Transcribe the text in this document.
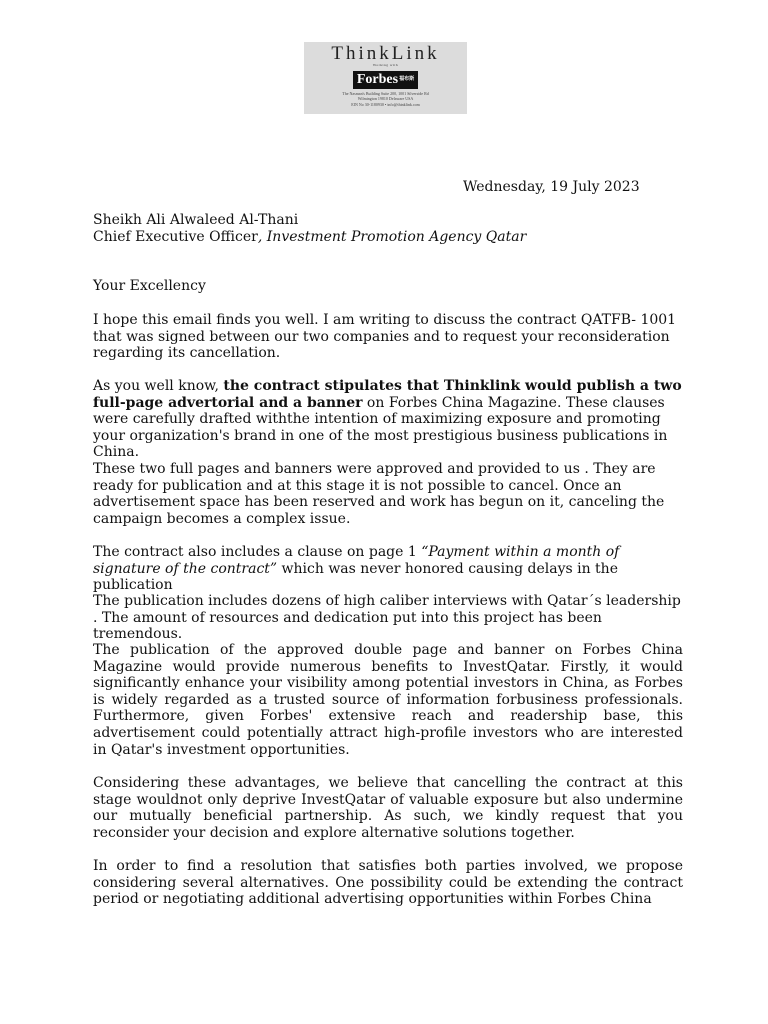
ThinkLink
Working with
Forbes$^{福布斯}$
The Nasman's Building Suite 200, 1001 Silverside Rd
Wilmington 19810 Delaware USA
EIN No 30-1180930 • info@thinklink.com
Wednesday, 19 July 2023
Sheikh Ali Alwaleed Al-Thani
Chief Executive Officer, Investment Promotion Agency Qatar
Your Excellency
I hope this email finds you well. I am writing to discuss the contract QATFB- 1001 that was signed between our two companies and to request your reconsideration regarding its cancellation.
As you well know, the contract stipulates that Thinklink would publish a two full-page advertorial and a banner on Forbes China Magazine. These clauses were carefully drafted withthe intention of maximizing exposure and promoting your organization's brand in one of the most prestigious business publications in China.
These two full pages and banners were approved and provided to us . They are ready for publication and at this stage it is not possible to cancel. Once an advertisement space has been reserved and work has begun on it, canceling the campaign becomes a complex issue.
The contract also includes a clause on page 1 “Payment within a month of signature of the contract” which was never honored causing delays in the publication
The publication includes dozens of high caliber interviews with Qatar´s leadership . The amount of resources and dedication put into this project has been tremendous.
The publication of the approved double page and banner on Forbes China Magazine would provide numerous benefits to InvestQatar. Firstly, it would significantly enhance your visibility among potential investors in China, as Forbes is widely regarded as a trusted source of information forbusiness professionals. Furthermore, given Forbes' extensive reach and readership base, this advertisement could potentially attract high-profile investors who are interested in Qatar's investment opportunities.
Considering these advantages, we believe that cancelling the contract at this stage wouldnot only deprive InvestQatar of valuable exposure but also undermine our mutually beneficial partnership. As such, we kindly request that you reconsider your decision and explore alternative solutions together.
In order to find a resolution that satisfies both parties involved, we propose considering several alternatives. One possibility could be extending the contract period or negotiating additional advertising opportunities within Forbes China
